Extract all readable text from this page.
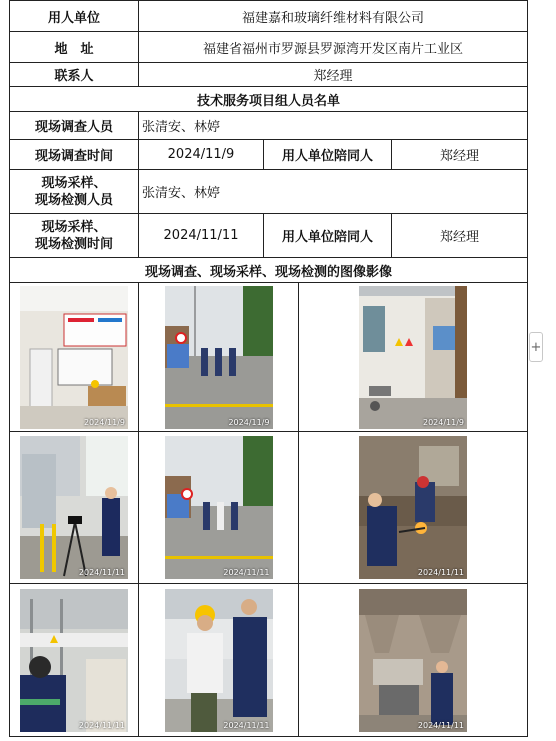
用人单位	福建嘉和玻璃纤维材料有限公司			
地　址	福建省福州市罗源县罗源湾开发区南片工业区			
联系人	郑经理			
技术服务项目组人员名单				
现场调查人员	张清安、林婷			
现场调查时间	2024/11/9	用人单位陪同人		郑经理

现场采样、
现场检测人员	张清安、林婷			

现场采样、
现场检测时间	2024/11/11	用人单位陪同人		郑经理
现场调查、现场采样、现场检测的图像影像				

2024/11/9	2024/11/9		2024/11/9	

2024/11/11	2024/11/11		2024/11/11	

2024/11/11	2024/11/11		2024/11/11	
+
